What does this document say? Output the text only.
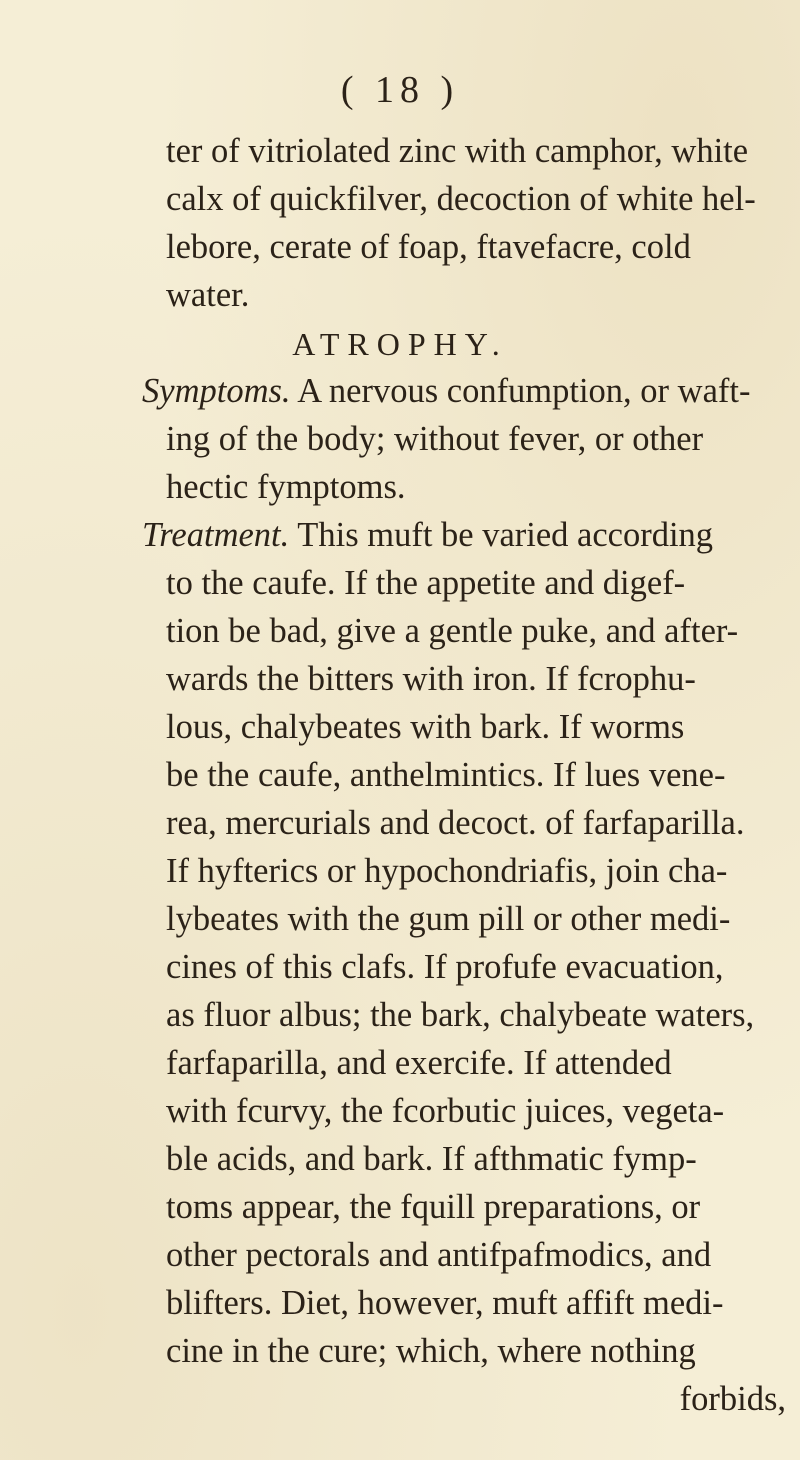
( 18 )
ter of vitriolated zinc with camphor, white
calx of quickfilver, decoction of white hel-
lebore, cerate of foap, ftavefacre, cold
water.
ATROPHY.
Symptoms. A nervous confumption, or waft-
ing of the body; without fever, or other
hectic fymptoms.
Treatment. This muft be varied according
to the caufe. If the appetite and digef-
tion be bad, give a gentle puke, and after-
wards the bitters with iron. If fcrophu-
lous, chalybeates with bark. If worms
be the caufe, anthelmintics. If lues vene-
rea, mercurials and decoct. of farfaparilla.
If hyfterics or hypochondriafis, join cha-
lybeates with the gum pill or other medi-
cines of this clafs. If profufe evacuation,
as fluor albus; the bark, chalybeate waters,
farfaparilla, and exercife. If attended
with fcurvy, the fcorbutic juices, vegeta-
ble acids, and bark. If afthmatic fymp-
toms appear, the fquill preparations, or
other pectorals and antifpafmodics, and
blifters. Diet, however, muft affift medi-
cine in the cure; which, where nothing
forbids,
